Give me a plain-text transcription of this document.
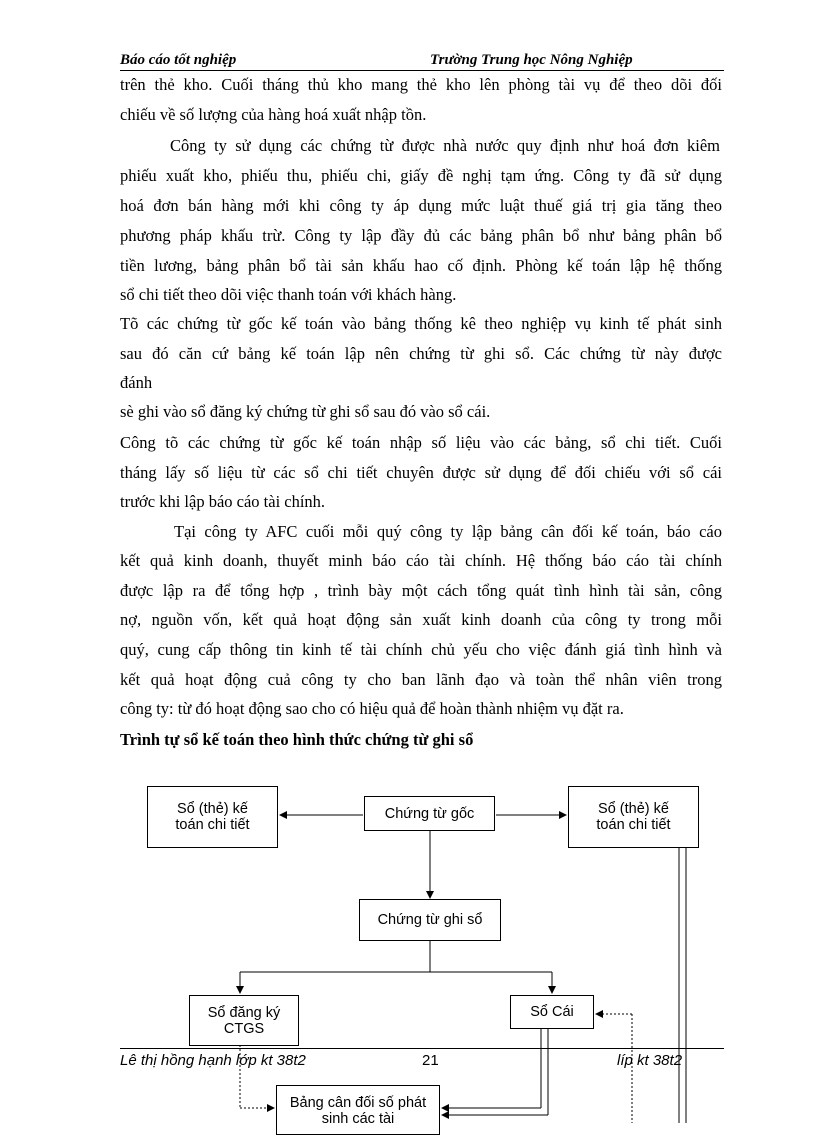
Báo cáo tốt nghiệp	Trường Trung học Nông Nghiệp
trên thẻ kho. Cuối tháng thủ kho mang thẻ kho lên phòng tài vụ để theo dõi đối
chiếu về số lượng của hàng hoá xuất nhập tồn.
Công ty sử dụng các chứng từ được nhà nước quy định như hoá đơn kiêm
phiếu xuất kho, phiếu thu, phiếu chi, giấy đề nghị tạm ứng. Công ty đã sử dụng
hoá đơn bán hàng mới khi công ty áp dụng mức luật thuế giá trị gia tăng theo
phương pháp khấu trừ. Công ty lập đầy đủ các bảng phân bổ như bảng phân bổ
tiền lương, bảng phân bổ tài sản khấu hao cố định. Phòng kế toán lập hệ thống
sổ chi tiết theo dõi việc thanh toán với khách hàng.
Tõ các chứng từ gốc kế toán vào bảng thống kê theo nghiệp vụ kinh tế phát sinh
sau đó căn cứ bảng kế toán lập nên chứng từ ghi sổ. Các chứng từ này được
đánh
sè ghi vào sổ đăng ký chứng từ ghi sổ sau đó vào sổ cái.
Công tõ các chứng từ gốc kế toán nhập số liệu vào các bảng, sổ chi tiết. Cuối
tháng lấy số liệu từ các sổ chi tiết chuyên được sử dụng để đối chiếu với sổ cái
trước khi lập báo cáo tài chính.
Tại công ty AFC cuối mỗi quý công ty lập bảng cân đối kế toán, báo cáo
kết quả kinh doanh, thuyết minh báo cáo tài chính. Hệ thống báo cáo tài chính
được lập ra để tổng hợp , trình bày một cách tổng quát tình hình tài sản, công
nợ, nguồn vốn, kết quả hoạt động sản xuất kinh doanh của công ty trong mỗi
quý, cung cấp thông tin kinh tế tài chính chủ yếu cho việc đánh giá tình hình và
kết quả hoạt động cuả công ty cho ban lãnh đạo và toàn thể nhân viên trong
công ty: từ đó hoạt động sao cho có hiệu quả để hoàn thành nhiệm vụ đặt ra.
Trình tự sổ kế toán theo hình thức chứng từ ghi sổ
Sổ (thẻ) kế toán chi tiết
Chứng từ gốc	Sổ (thẻ) kế toán chi tiết
Chứng từ ghi sổ
Sổ đăng ký CTGS
Sổ Cái
Bảng cân đối số phát sinh các tài
Lê thị hồng hạnh lớp kt 38t2	21	líp kt 38t2
